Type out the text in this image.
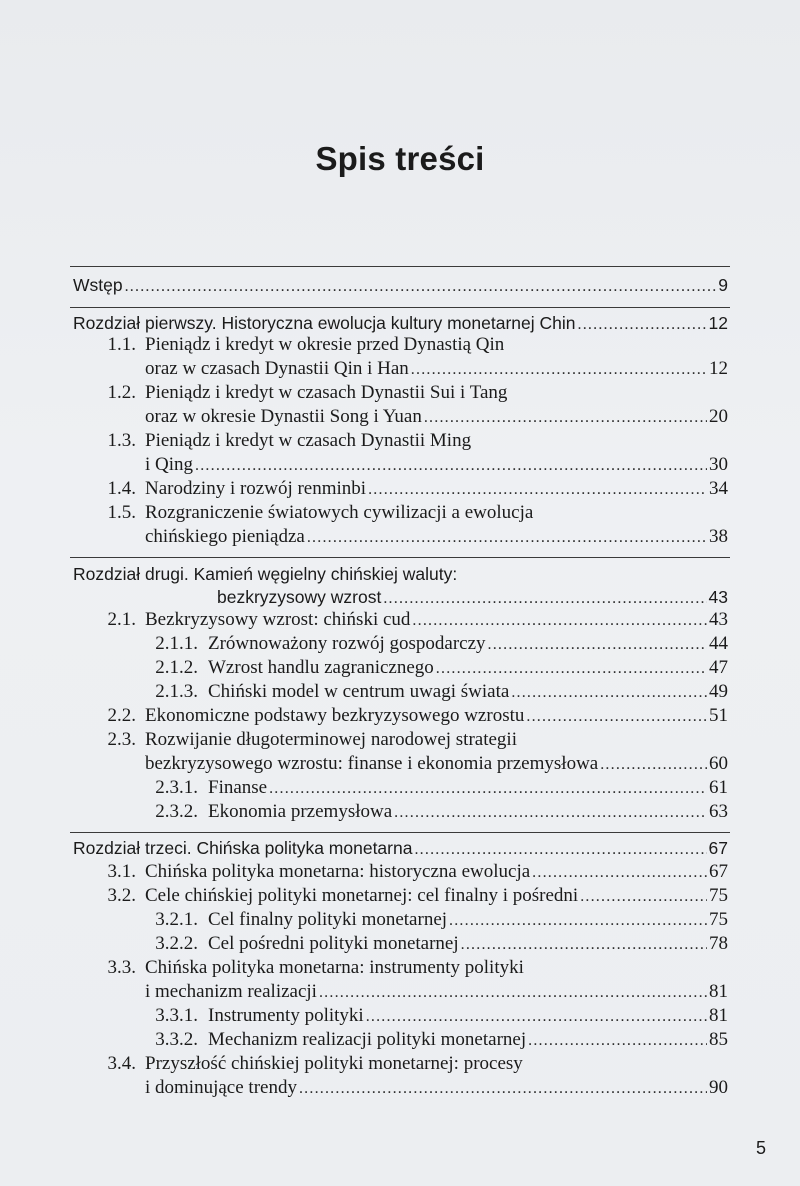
Spis treści
Wstęp .....	9
Rozdział pierwszy. Historyczna ewolucja kultury monetarnej Chin .....	12
1.1. Pieniądz i kredyt w okresie przed Dynastią Qin
oraz w czasach Dynastii Qin i Han .....	12
1.2. Pieniądz i kredyt w czasach Dynastii Sui i Tang
oraz w okresie Dynastii Song i Yuan .....	20
1.3. Pieniądz i kredyt w czasach Dynastii Ming
i Qing .....	30
1.4. Narodziny i rozwój renminbi .....	34
1.5. Rozgraniczenie światowych cywilizacji a ewolucja
chińskiego pieniądza .....	38
Rozdział drugi. Kamień węgielny chińskiej waluty:
bezkryzysowy wzrost .....	43
2.1. Bezkryzysowy wzrost: chiński cud .....	43
2.1.1. Zrównoważony rozwój gospodarczy .....	44
2.1.2. Wzrost handlu zagranicznego .....	47
2.1.3. Chiński model w centrum uwagi świata .....	49
2.2. Ekonomiczne podstawy bezkryzysowego wzrostu .....	51
2.3. Rozwijanie długoterminowej narodowej strategii
bezkryzysowego wzrostu: finanse i ekonomia przemysłowa .....	60
2.3.1. Finanse .....	61
2.3.2. Ekonomia przemysłowa .....	63
Rozdział trzeci. Chińska polityka monetarna .....	67
3.1. Chińska polityka monetarna: historyczna ewolucja .....	67
3.2. Cele chińskiej polityki monetarnej: cel finalny i pośredni .....	75
3.2.1. Cel finalny polityki monetarnej .....	75
3.2.2. Cel pośredni polityki monetarnej .....	78
3.3. Chińska polityka monetarna: instrumenty polityki
i mechanizm realizacji .....	81
3.3.1. Instrumenty polityki .....	81
3.3.2. Mechanizm realizacji polityki monetarnej .....	85
3.4. Przyszłość chińskiej polityki monetarnej: procesy
i dominujące trendy .....	90
5
